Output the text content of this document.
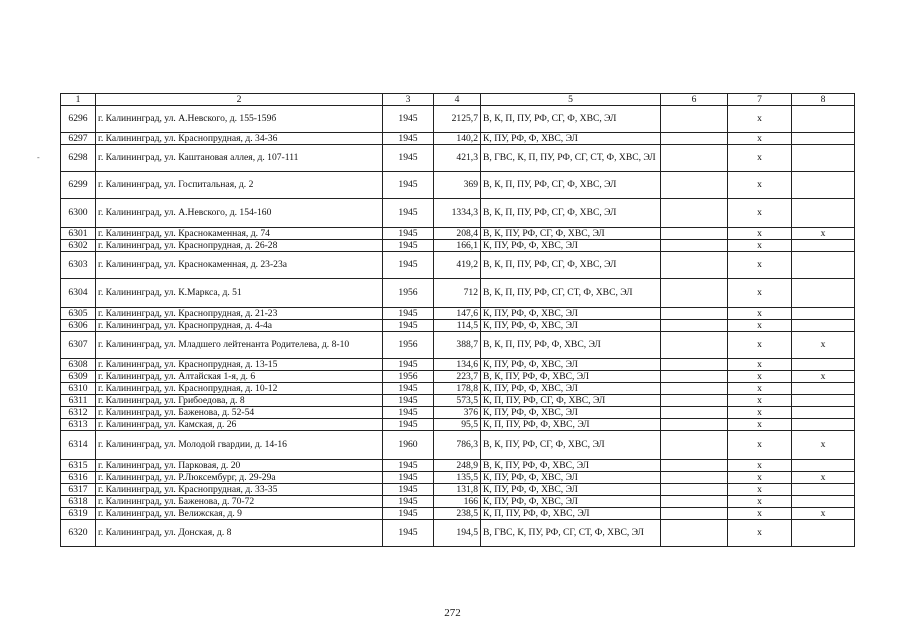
-
1	2	3	4	5	6	7	8
6296	г. Калининград, ул. А.Невского, д. 155-159б	1945	2125,7	В, К, П, ПУ, РФ, СГ, Ф, ХВС, ЭЛ		х	
6297	г. Калининград, ул. Краснопрудная, д. 34-36	1945	140,2	К, ПУ, РФ, Ф, ХВС, ЭЛ		х	
6298	г. Калининград, ул. Каштановая аллея, д. 107-111	1945	421,3	В, ГВС, К, П, ПУ, РФ, СГ, СТ, Ф, ХВС, ЭЛ		х	
6299	г. Калининград, ул. Госпитальная, д. 2	1945	369	В, К, П, ПУ, РФ, СГ, Ф, ХВС, ЭЛ		х	
6300	г. Калининград, ул. А.Невского, д. 154-160	1945	1334,3	В, К, П, ПУ, РФ, СГ, Ф, ХВС, ЭЛ		х	
6301	г. Калининград, ул. Краснокаменная, д. 74	1945	208,4	В, К, ПУ, РФ, СГ, Ф, ХВС, ЭЛ		х	х
6302	г. Калининград, ул. Краснопрудная, д. 26-28	1945	166,1	К, ПУ, РФ, Ф, ХВС, ЭЛ		х	
6303	г. Калининград, ул. Краснокаменная, д. 23-23а	1945	419,2	В, К, П, ПУ, РФ, СГ, Ф, ХВС, ЭЛ		х	
6304	г. Калининград, ул. К.Маркса, д. 51	1956	712	В, К, П, ПУ, РФ, СГ, СТ, Ф, ХВС, ЭЛ		х	
6305	г. Калининград, ул. Краснопрудная, д. 21-23	1945	147,6	К, ПУ, РФ, Ф, ХВС, ЭЛ		х	
6306	г. Калининград, ул. Краснопрудная, д. 4-4а	1945	114,5	К, ПУ, РФ, Ф, ХВС, ЭЛ		х	
6307	г. Калининград, ул. Младшего лейтенанта Родителева, д. 8-10	1956	388,7	В, К, П, ПУ, РФ, Ф, ХВС, ЭЛ		х	х
6308	г. Калининград, ул. Краснопрудная, д. 13-15	1945	134,6	К, ПУ, РФ, Ф, ХВС, ЭЛ		х	
6309	г. Калининград, ул. Алтайская 1-я, д. 6	1956	223,7	В, К, ПУ, РФ, Ф, ХВС, ЭЛ		х	х
6310	г. Калининград, ул. Краснопрудная, д. 10-12	1945	178,8	К, ПУ, РФ, Ф, ХВС, ЭЛ		х	
6311	г. Калининград, ул. Грибоедова, д. 8	1945	573,5	К, П, ПУ, РФ, СГ, Ф, ХВС, ЭЛ		х	
6312	г. Калининград, ул. Баженова, д. 52-54	1945	376	К, ПУ, РФ, Ф, ХВС, ЭЛ		х	
6313	г. Калининград, ул. Камская, д. 26	1945	95,5	К, П, ПУ, РФ, Ф, ХВС, ЭЛ		х	
6314	г. Калининград, ул. Молодой гвардии, д. 14-16	1960	786,3	В, К, ПУ, РФ, СГ, Ф, ХВС, ЭЛ		х	х
6315	г. Калининград, ул. Парковая, д. 20	1945	248,9	В, К, ПУ, РФ, Ф, ХВС, ЭЛ		х	
6316	г. Калининград, ул. Р.Люксембург, д. 29-29а	1945	135,5	К, ПУ, РФ, Ф, ХВС, ЭЛ		х	х
6317	г. Калининград, ул. Краснопрудная, д. 33-35	1945	131,8	К, ПУ, РФ, Ф, ХВС, ЭЛ		х	
6318	г. Калининград, ул. Баженова, д. 70-72	1945	166	К, ПУ, РФ, Ф, ХВС, ЭЛ		х	
6319	г. Калининград, ул. Велижская, д. 9	1945	238,5	К, П, ПУ, РФ, Ф, ХВС, ЭЛ		х	х
6320	г. Калининград, ул. Донская, д. 8	1945	194,5	В, ГВС, К, ПУ, РФ, СГ, СТ, Ф, ХВС, ЭЛ		х	
272
